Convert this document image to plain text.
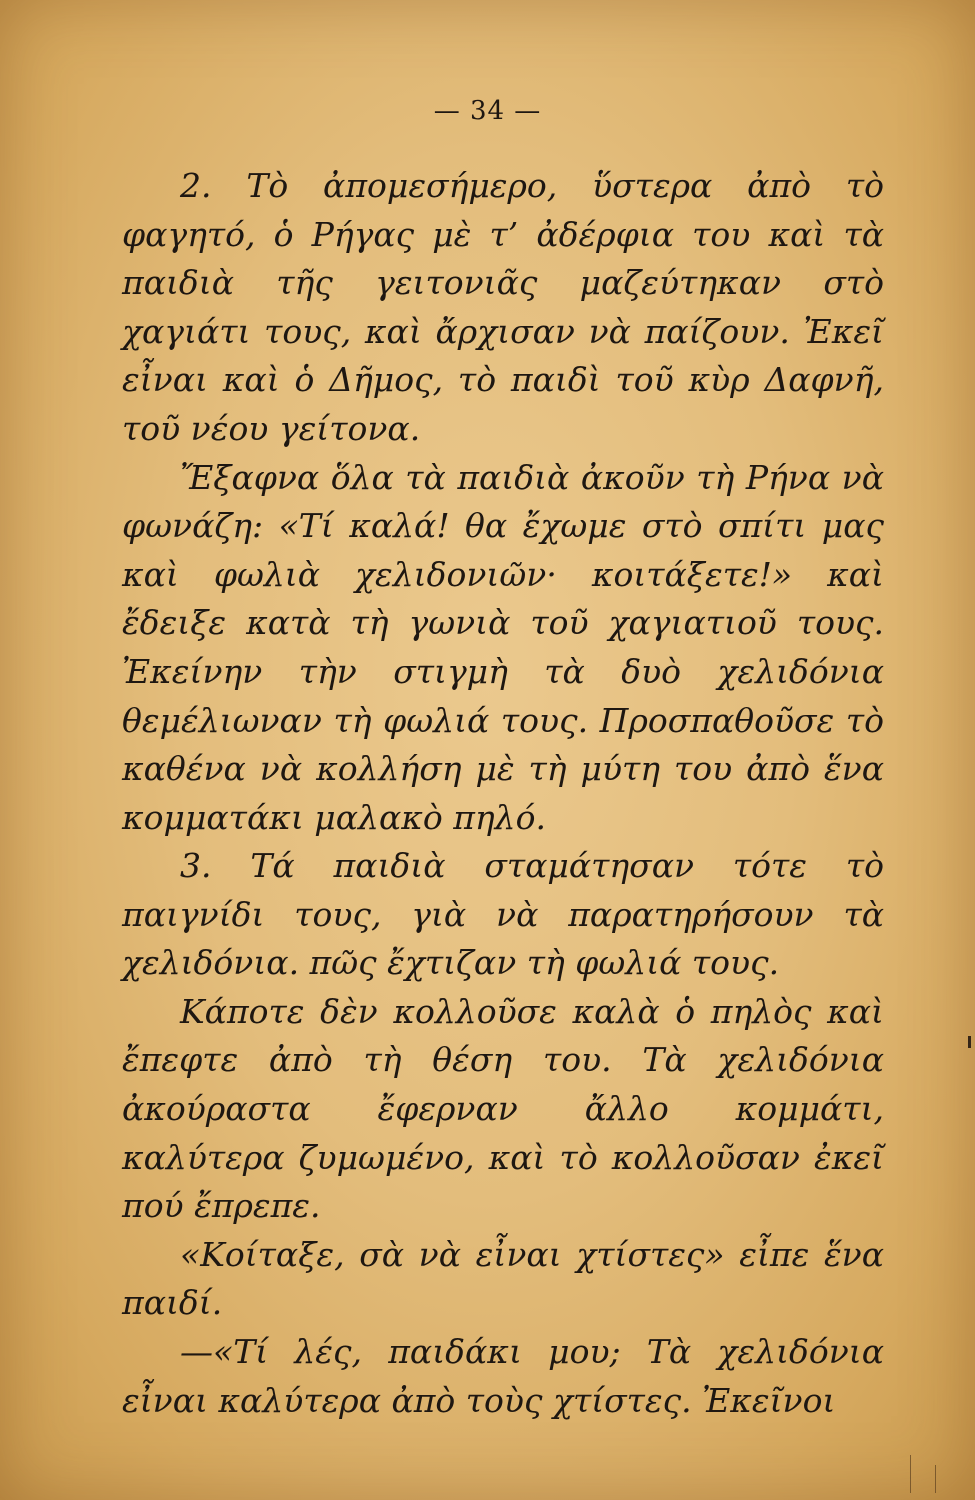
— 34 —

2. Τὸ ἀπομεσήμερο, ὕστερα ἀπὸ τὸ φαγητό, ὁ Ρήγας μὲ τ’ ἀδέρφια του καὶ τὰ παιδιὰ τῆς γειτονιᾶς μαζεύτηκαν στὸ χαγιάτι τους, καὶ ἄρχισαν νὰ παίζουν. Ἐκεῖ εἶναι καὶ ὁ Δῆμος, τὸ παιδὶ τοῦ κὺρ Δαφνῆ, τοῦ νέου γείτονα.

Ἔξαφνα ὅλα τὰ παιδιὰ ἀκοῦν τὴ Ρήνα νὰ φωνάζη: «Τί καλά! θα ἔχωμε στὸ σπίτι μας καὶ φωλιὰ χελιδονιῶν· κοιτάξετε!» καὶ ἔδειξε κατὰ τὴ γωνιὰ τοῦ χαγιατιοῦ τους. Ἐκείνην τὴν στιγμὴ τὰ δυὸ χελιδόνια θεμέλιωναν τὴ φωλιά τους. Προσπαθοῦσε τὸ καθένα νὰ κολλήση μὲ τὴ μύτη του ἀπὸ ἕνα κομματάκι μαλακὸ πηλό.

3. Τά παιδιὰ σταμάτησαν τότε τὸ παιγνίδι τους, γιὰ νὰ παρατηρήσουν τὰ χελιδόνια. πῶς ἔχτιζαν τὴ φωλιά τους.

Κάποτε δὲν κολλοῦσε καλὰ ὁ πηλὸς καὶ ἔπεφτε ἀπὸ τὴ θέση του. Τὰ χελιδόνια ἀκούραστα ἔφερναν ἄλλο κομμάτι, καλύτερα ζυμωμένο, καὶ τὸ κολλοῦσαν ἐκεῖ πού ἔπρεπε.

«Κοίταξε, σὰ νὰ εἶναι χτίστες» εἶπε ἕνα παιδί.

—«Τί λές, παιδάκι μου; Τὰ χελιδόνια εἶναι καλύτερα ἀπὸ τοὺς χτίστες. Ἐκεῖνοι
